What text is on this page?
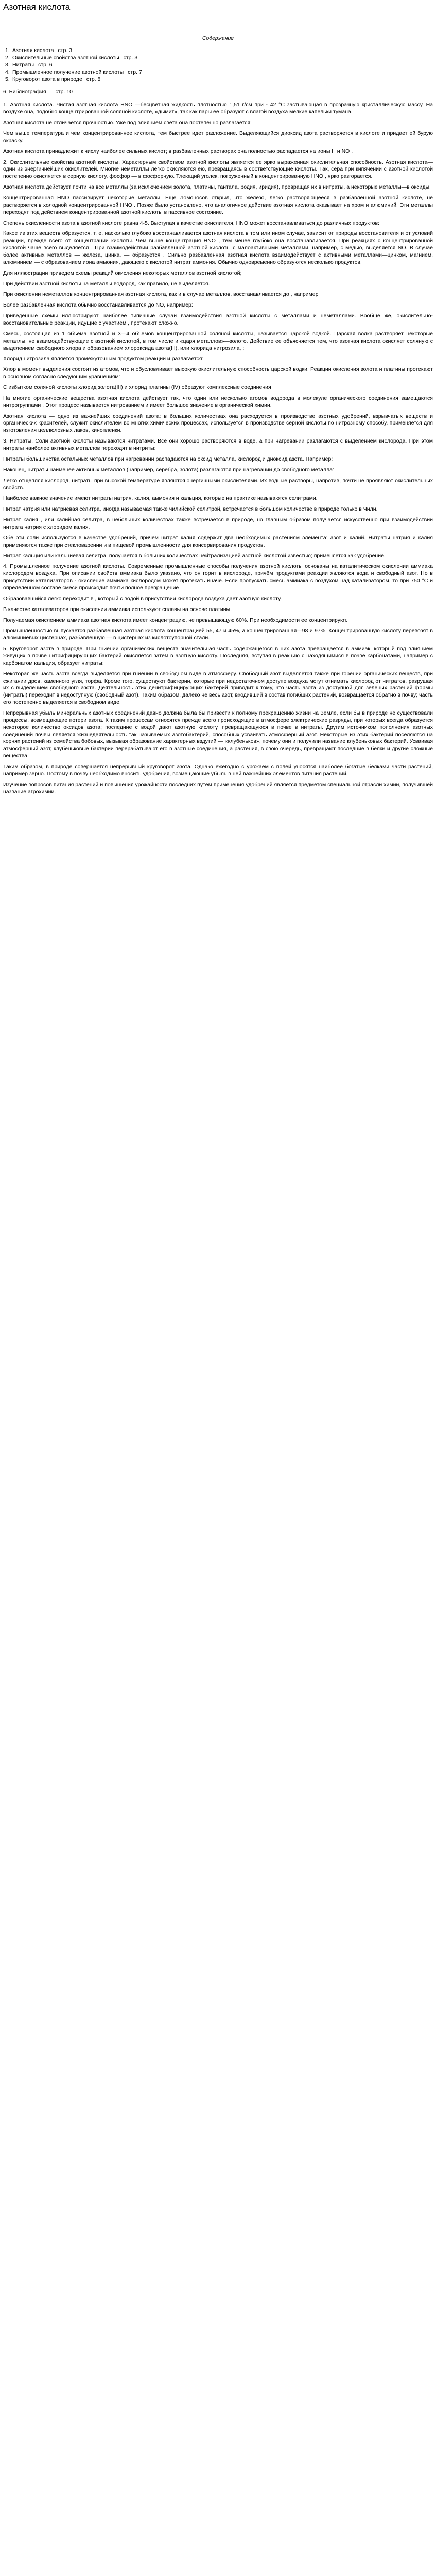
Азотная кислота
Содержание
1. Азотная кислота стр. 3
2. Окислительные свойства азотной кислоты стр. 3
3. Нитраты стр. 6
4. Промышленное получение азотной кислоты стр. 7
5. Круговорот азота в природе стр. 8
6. Библиография стр. 10

1. Азотная кислота. Чистая азотная кислота HNO —бесцветная жидкость плотностью 1,51 г/см при - 42 °C застывающая в прозрачную кристаллическую массу. На воздухе она, подобно концентрированной соляной кислоте, «дымит», так как пары ее образуют с влагой воздуха мелкие капельки тумана.

Азотная кислота не отличается прочностью. Уже под влиянием света она постепенно разлагается:

Чем выше температура и чем концентрированнее кислота, тем быстрее идет разложение. Выделяющийся диоксид азота растворяется в кислоте и придает ей бурую окраску.

Азотная кислота принадлежит к числу наиболее сильных кислот; в разбавленных растворах она полностью распадается на ионы H и NO .

2. Окислительные свойства азотной кислоты. Характерным свойством азотной кислоты является ее ярко выраженная окислительная способность. Азотная кислота—один из энергичнейших окислителей. Многие неметаллы легко окисляются ею, превращаясь в соответствующие кислоты. Так, сера при кипячении с азотной кислотой постепенно окисляется в серную кислоту, фосфор — в фосфорную. Тлеющий уголек, погруженный в концентрированную HNO , ярко разгорается.

Азотная кислота действует почти на все металлы (за исключением золота, платины, тантала, родия, иридия), превращая их в нитраты, а некоторые металлы—в оксиды.

Концентрированная HNO пассивирует некоторые металлы. Еще Ломоносов открыл, что железо, легко растворяющееся в разбавленной азотной кислоте, не растворяется в холодной концентрированной HNO . Позже было установлено, что аналогичное действие азотная кислота оказывает на хром и алюминий. Эти металлы переходят под действием концентрированной азотной кислоты в пассивное состояние.

Степень окисленности азота в азотной кислоте равна 4-5. Выступая в качестве окислителя, HNO может восстанавливаться до различных продуктов:

Какое из этих веществ образуется, т. е. насколько глубоко восстанавливается азотная кислота в том или ином случае, зависит от природы восстановителя и от условий реакции, прежде всего от концентрации кислоты. Чем выше концентрация HNO , тем менее глубоко она восстанавливается. При реакциях с концентрированной кислотой чаще всего выделяется . При взаимодействии разбавленной азотной кислоты с малоактивными металлами, например, с медью, выделяется NO. В случае более активных металлов — железа, цинка, — образуется . Сильно разбавленная азотная кислота взаимодействует с активными металлами—цинком, магнием, алюминием — с образованием иона аммония, дающего с кислотой нитрат аммония. Обычно одновременно образуются несколько продуктов.

Для иллюстрации приведем схемы реакций окисления некоторых металлов азотной кислотой;

При действии азотной кислоты на металлы водород, как правило, не выделяется.

При окислении неметаллов концентрированная азотная кислота, как и в случае металлов, восстанавливается до , например

Более разбавленная кислота обычно восстанавливается до NO, например:

Приведенные схемы иллюстрируют наиболее типичные случаи взаимодействия азотной кислоты с металлами и неметаллами. Вообще же, окислительно-восстановительные реакции, идущие с участием , протекают сложно.

Смесь, состоящая из 1 объема азотной и 3—4 объемов концентрированной соляной кислоты, называется царской водкой. Царская водка растворяет некоторые металлы, не взаимодействующие с азотной кислотой, в том числе и «царя металлов»—золото. Действие ее объясняется тем, что азотная кислота окисляет соляную с выделением свободного хлора и образованием хлороксида азота(III), или хлорида нитрозила, :

Хлорид нитрозила является промежуточным продуктом реакции и разлагается:

Хлор в момент выделения состоит из атомов, что и обусловливает высокую окислительную способность царской водки. Реакции окисления золота и платины протекают в основном согласно следующим уравнениям:

С избытком соляной кислоты хлорид золота(III) и хлорид платины (IV) образуют комплексные соединения

На многие органические вещества азотная кислота действует так, что один или несколько атомов водорода в молекуле органического соединения замещаются нитрогруппами . Этот процесс называется нитрованием и имеет большое значение в органической химии.

Азотная кислота — одно из важнейших соединений азота: в больших количествах она расходуется в производстве азотных удобрений, взрывчатых веществ и органических красителей, служит окислителем во многих химических процессах, используется в производстве серной кислоты по нитрозному способу, применяется для изготовления целлюлозных лаков, кинопленки.

3. Нитраты. Соли азотной кислоты называются нитратами. Все они хорошо растворяются в воде, а при нагревании разлагаются с выделением кислорода. При этом нитраты наиболее активных металлов переходят в нитриты:

Нитраты большинства остальных металлов при нагревании распадаются на оксид металла, кислород и диоксид азота. Например:

Наконец, нитраты наименее активных металлов (например, серебра, золота) разлагаются при нагревании до свободного металла:

Легко отщепляя кислород, нитраты при высокой температуре являются энергичными окислителями. Их водные растворы, напротив, почти не проявляют окислительных свойств.

Наиболее важное значение имеют нитраты натрия, калия, аммония и кальция, которые на практике называются селитрами.

Нитрат натрия или натриевая селитра, иногда называемая также чилийской селитрой, встречается в большом количестве в природе только в Чили.

Нитрат калия , или калийная селитра, в небольших количествах также встречается в природе, но главным образом получается искусственно при взаимодействии нитрата натрия с хлоридом калия.

Обе эти соли используются в качестве удобрений, причем нитрат калия содержит два необходимых растениям элемента: азот и калий. Нитраты натрия и калия применяются также при стекловарении и в пищевой промышленности для консервирования продуктов.

Нитрат кальция или кальциевая селитра, получается в больших количествах нейтрализацией азотной кислотой известью; применяется как удобрение.

4. Промышленное получение азотной кислоты. Современные промышленные способы получения азотной кислоты основаны на каталитическом окислении аммиака кислородом воздуха. При описании свойств аммиака было указано, что он горит в кислороде, причём продуктами реакции являются вода и свободный азот. Но в присутствии катализаторов - окисление аммиака кислородом может протекать иначе. Если пропускать смесь аммиака с воздухом над катализатором, то при 750 °C и определенном составе смеси происходит почти полное превращение

Образовавшийся легко переходит в , который с водой в присутствии кислорода воздуха дает азотную кислоту.

В качестве катализаторов при окислении аммиака используют сплавы на основе платины.

Получаемая окислением аммиака азотная кислота имеет концентрацию, не превышающую 60%. При необходимости ее концентрируют.

Промышленностью выпускается разбавленная азотная кислота концентрацией 55, 47 и 45%, а концентрированная—98 и 97%. Концентрированную кислоту перевозят в алюминиевых цистернах, разбавленную — в цистернах из кислотоупорной стали.

5. Круговорот азота в природе. При гниении органических веществ значительная часть содержащегося в них азота превращается в аммиак, который под влиянием живущих в почве нитрифицирующих бактерий окисляется затем в азотную кислоту. Последняя, вступая в реакцию с находящимися в почве карбонатами, например с карбонатом кальция, образует нитраты:

Некоторая же часть азота всегда выделяется при гниении в свободном виде в атмосферу. Свободный азот выделяется также при горении органических веществ, при сжигании дров, каменного угля, торфа. Кроме того, существуют бактерии, которые при недостаточном доступе воздуха могут отнимать кислород от нитратов, разрушая их с выделением свободного азота. Деятельность этих денитрифицирующих бактерий приводит к тому, что часть азота из доступной для зеленых растений формы (нитраты) переходит в недоступную (свободный азот). Таким образом, далеко не весь азот, входивший в состав погибших растений, возвращается обратно в почву; часть его постепенно выделяется в свободном виде.

Непрерывная убыль минеральных азотных соединений давно должна была бы привести к полному прекращению жизни на Земле, если бы в природе не существовали процессы, возмещающие потери азота. К таким процессам относятся прежде всего происходящие в атмосфере электрические разряды, при которых всегда образуется некоторое количество оксидов азота; последние с водой дают азотную кислоту, превращающуюся в почве в нитраты. Другим источником пополнения азотных соединений почвы является жизнедеятельность так называемых азотобактерий, способных усваивать атмосферный азот. Некоторые из этих бактерий поселяются на корнях растений из семейства бобовых, вызывая образование характерных вздутий — «клубеньков», почему они и получили название клубеньковых бактерий. Усваивая атмосферный азот, клубеньковые бактерии перерабатывают его в азотные соединения, а растения, в свою очередь, превращают последние в белки и другие сложные вещества.

Таким образом, в природе совершается непрерывный круговорот азота. Однако ежегодно с урожаем с полей уносятся наиболее богатые белками части растений, например зерно. Поэтому в почву необходимо вносить удобрения, возмещающие убыль в ней важнейших элементов питания растений.

Изучение вопросов питания растений и повышения урожайности последних путем применения удобрений является предметом специальной отрасли химии, получившей название агрохимии.
